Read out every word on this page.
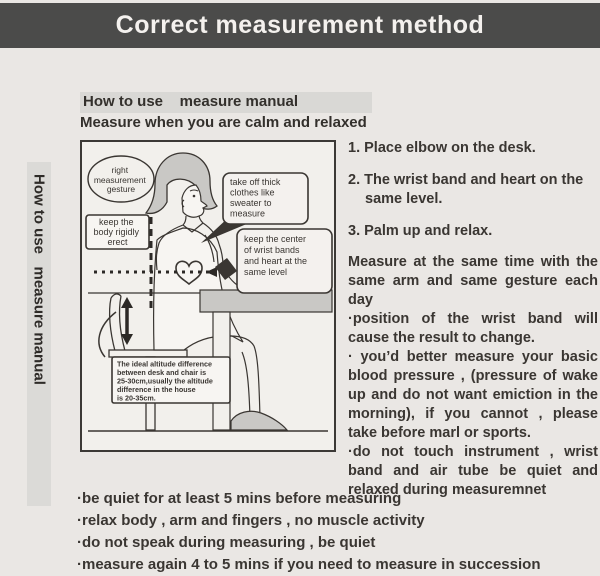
Correct measurement method
How to use   measure manual
How to use    measure manual
Measure when you are calm and relaxed
The ideal altitude difference between desk and chair is 25-30cm,usually the altitude difference in the house is 20-35cm.
right measurement gesture
keep the body rigidly erect
take off thick clothes like sweater to measure
keep the center of wrist bands and heart at the same level
1. Place elbow on the desk.
2. The wrist band and heart on the same level.
3. Palm up and relax.
Measure at the same time with the same arm and same gesture each day
·position of the wrist band will cause the result to change.
· you’d better measure your basic blood pressure , (pressure of wake up and do not want emiction in the morning), if you cannot , please take before marl or sports.
·do not touch instrument , wrist band and air tube be quiet and relaxed during measuremnet
·be quiet for at least 5 mins before measuring
·relax body , arm and fingers , no muscle activity
·do not speak during measuring , be quiet
·measure again 4 to 5 mins if you need to measure in succession
